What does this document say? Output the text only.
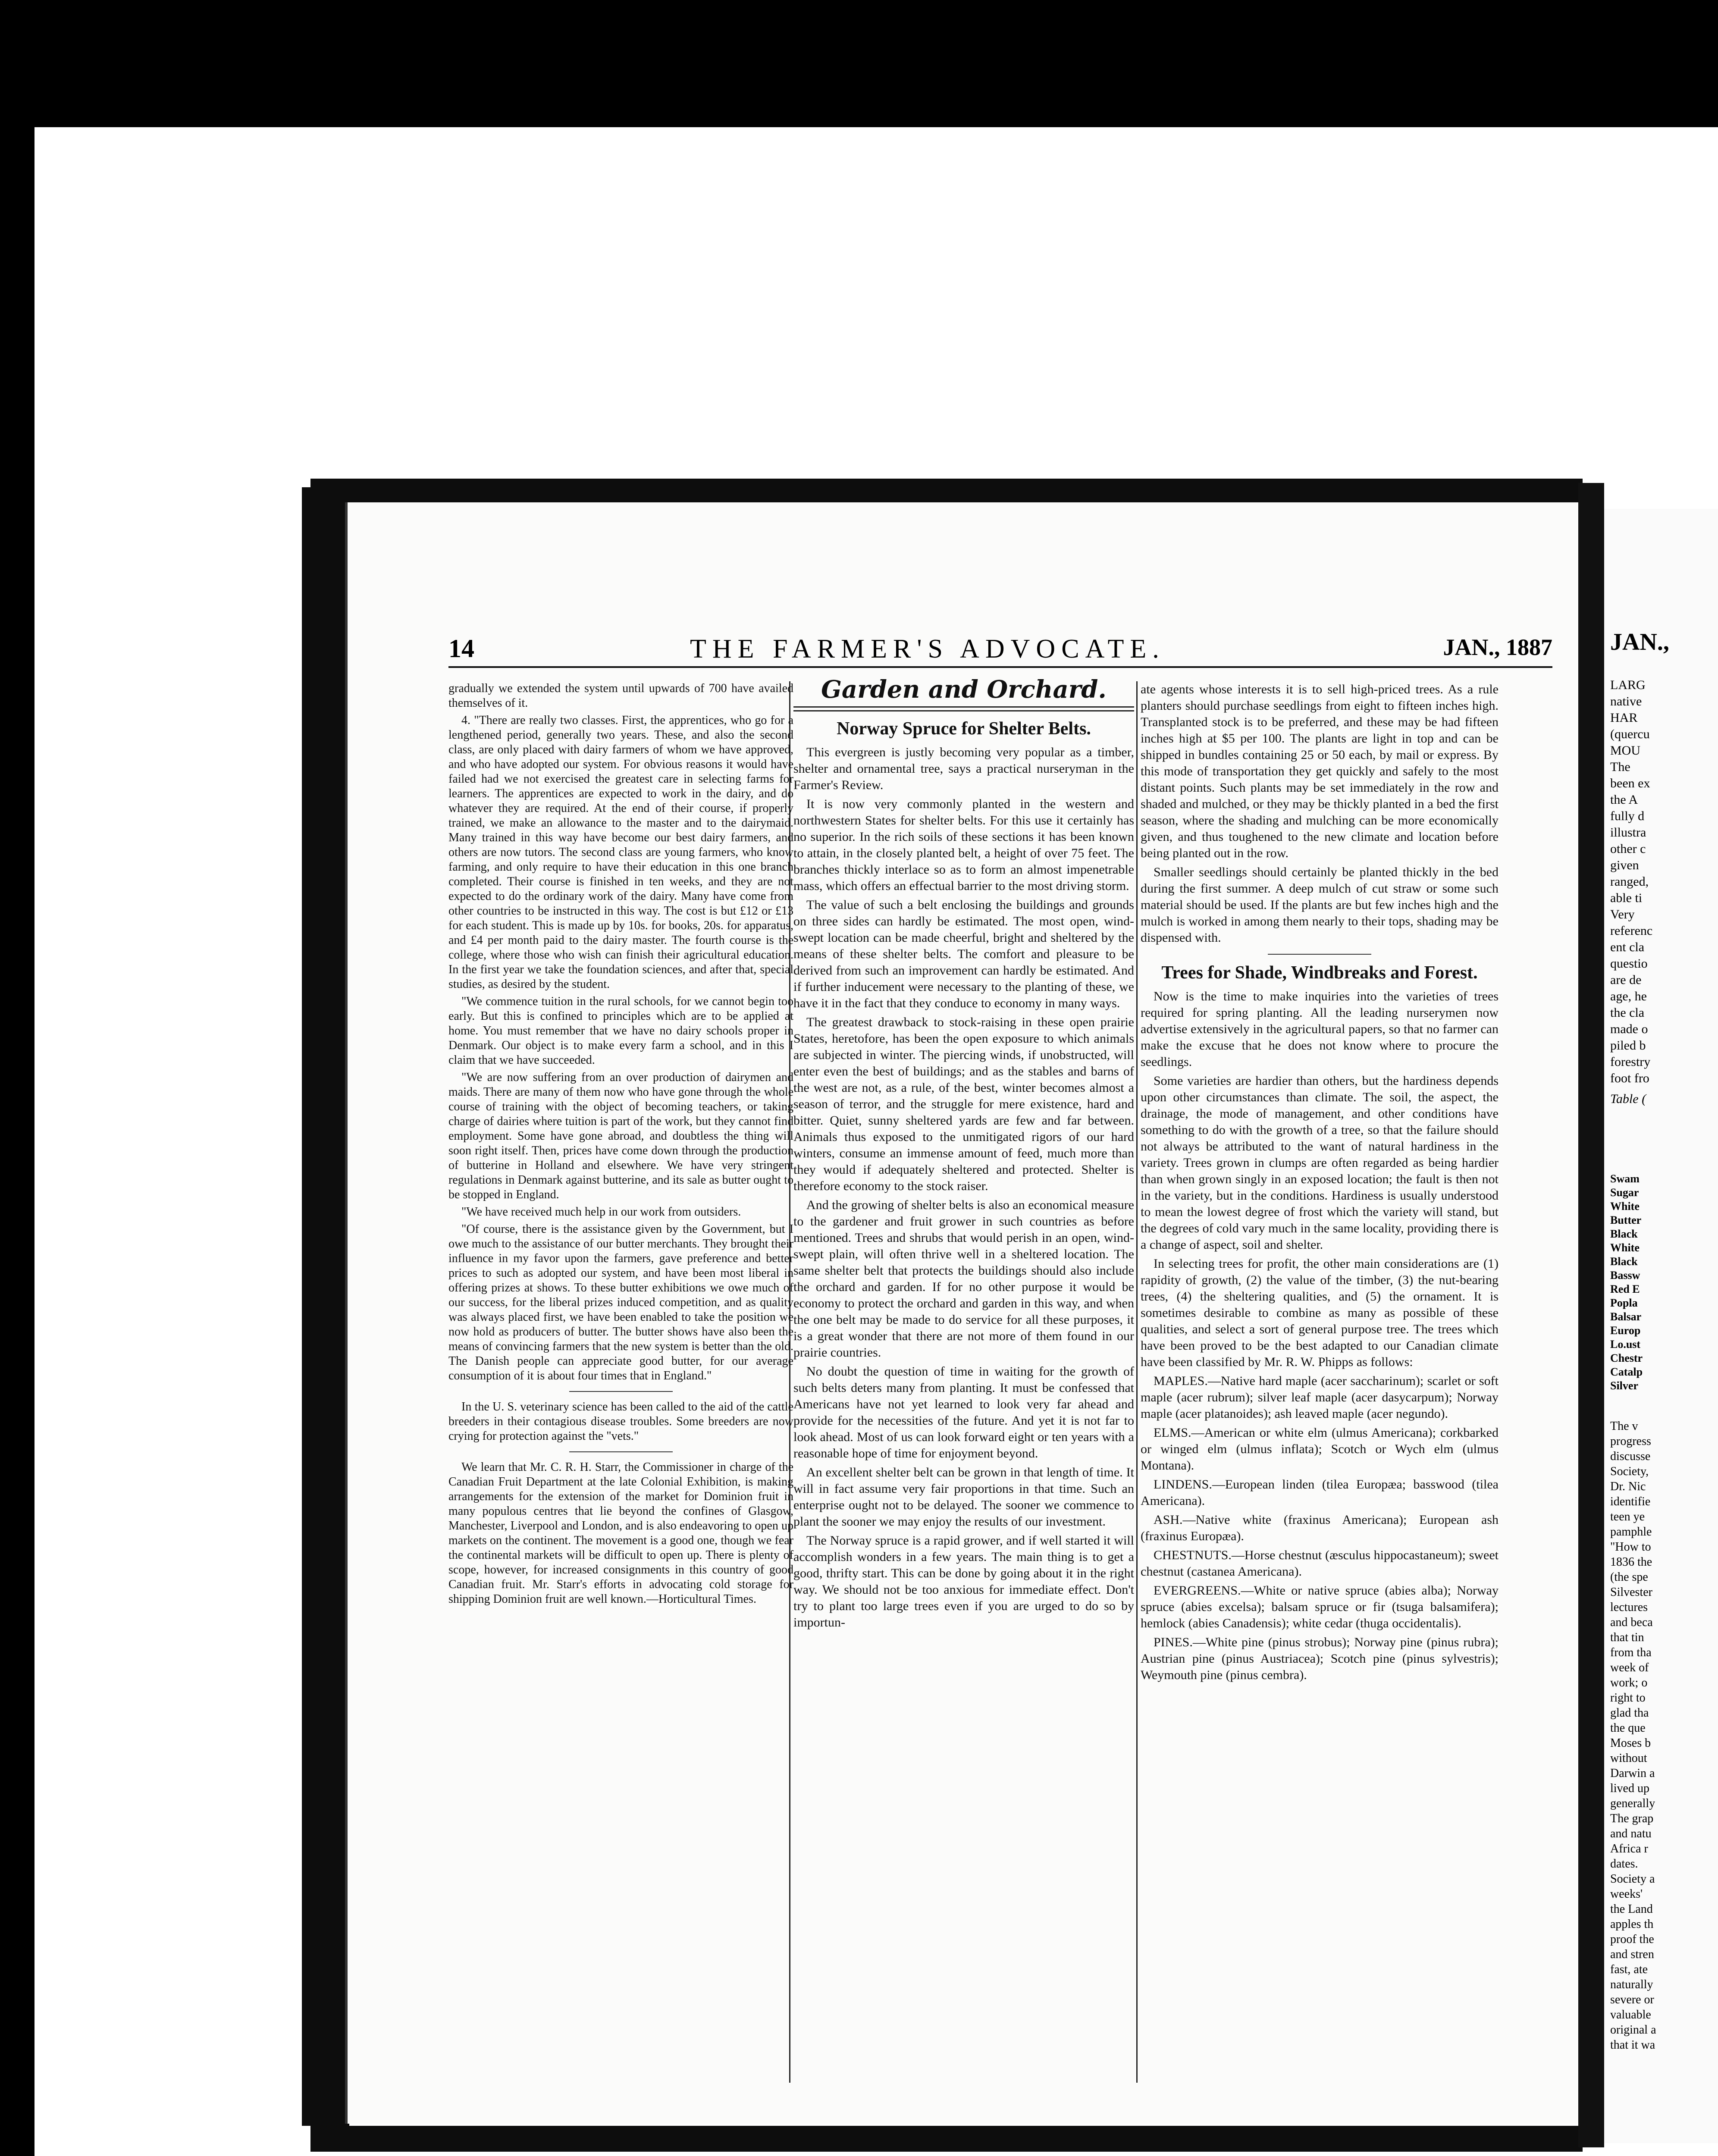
14	THE FARMER'S ADVOCATE.	JAN., 1887

gradually we extended the system until upwards of 700 have availed themselves of it.

4. "There are really two classes. First, the apprentices, who go for a lengthened period, generally two years. These, and also the second class, are only placed with dairy farmers of whom we have approved, and who have adopted our system. For obvious reasons it would have failed had we not exercised the greatest care in selecting farms for learners. The apprentices are expected to work in the dairy, and do whatever they are required. At the end of their course, if properly trained, we make an allowance to the master and to the dairymaid. Many trained in this way have become our best dairy farmers, and others are now tutors. The second class are young farmers, who know farming, and only require to have their education in this one branch completed. Their course is finished in ten weeks, and they are not expected to do the ordinary work of the dairy. Many have come from other countries to be instructed in this way. The cost is but £12 or £13 for each student. This is made up by 10s. for books, 20s. for apparatus, and £4 per month paid to the dairy master. The fourth course is the college, where those who wish can finish their agricultural education. In the first year we take the foundation sciences, and after that, special studies, as desired by the student.

"We commence tuition in the rural schools, for we cannot begin too early. But this is confined to principles which are to be applied at home. You must remember that we have no dairy schools proper in Denmark. Our object is to make every farm a school, and in this I claim that we have succeeded.

"We are now suffering from an over production of dairymen and maids. There are many of them now who have gone through the whole course of training with the object of becoming teachers, or taking charge of dairies where tuition is part of the work, but they cannot find employment. Some have gone abroad, and doubtless the thing will soon right itself. Then, prices have come down through the production of butterine in Holland and elsewhere. We have very stringent regulations in Denmark against butterine, and its sale as butter ought to be stopped in England.

"We have received much help in our work from outsiders.

"Of course, there is the assistance given by the Government, but I owe much to the assistance of our butter merchants. They brought their influence in my favor upon the farmers, gave preference and better prices to such as adopted our system, and have been most liberal in offering prizes at shows. To these butter exhibitions we owe much of our success, for the liberal prizes induced competition, and as quality was always placed first, we have been enabled to take the position we now hold as producers of butter. The butter shows have also been the means of convincing farmers that the new system is better than the old. The Danish people can appreciate good butter, for our average consumption of it is about four times that in England."

In the U. S. veterinary science has been called to the aid of the cattle breeders in their contagious disease troubles. Some breeders are now crying for protection against the "vets."

We learn that Mr. C. R. H. Starr, the Commissioner in charge of the Canadian Fruit Department at the late Colonial Exhibition, is making arrangements for the extension of the market for Dominion fruit in many populous centres that lie beyond the confines of Glasgow, Manchester, Liverpool and London, and is also endeavoring to open up markets on the continent. The movement is a good one, though we fear the continental markets will be difficult to open up. There is plenty of scope, however, for increased consignments in this country of good Canadian fruit. Mr. Starr's efforts in advocating cold storage for shipping Dominion fruit are well known.—Horticultural Times.

Garden and Orchard.
Norway Spruce for Shelter Belts.

This evergreen is justly becoming very popular as a timber, shelter and ornamental tree, says a practical nurseryman in the Farmer's Review.

It is now very commonly planted in the western and northwestern States for shelter belts. For this use it certainly has no superior. In the rich soils of these sections it has been known to attain, in the closely planted belt, a height of over 75 feet. The branches thickly interlace so as to form an almost impenetrable mass, which offers an effectual barrier to the most driving storm.

The value of such a belt enclosing the buildings and grounds on three sides can hardly be estimated. The most open, wind-swept location can be made cheerful, bright and sheltered by the means of these shelter belts. The comfort and pleasure to be derived from such an improvement can hardly be estimated. And if further inducement were necessary to the planting of these, we have it in the fact that they conduce to economy in many ways.

The greatest drawback to stock-raising in these open prairie States, heretofore, has been the open exposure to which animals are subjected in winter. The piercing winds, if unobstructed, will enter even the best of buildings; and as the stables and barns of the west are not, as a rule, of the best, winter becomes almost a season of terror, and the struggle for mere existence, hard and bitter. Quiet, sunny sheltered yards are few and far between. Animals thus exposed to the unmitigated rigors of our hard winters, consume an immense amount of feed, much more than they would if adequately sheltered and protected. Shelter is therefore economy to the stock raiser.

And the growing of shelter belts is also an economical measure to the gardener and fruit grower in such countries as before mentioned. Trees and shrubs that would perish in an open, wind-swept plain, will often thrive well in a sheltered location. The same shelter belt that protects the buildings should also include the orchard and garden. If for no other purpose it would be economy to protect the orchard and garden in this way, and when the one belt may be made to do service for all these purposes, it is a great wonder that there are not more of them found in our prairie countries.

No doubt the question of time in waiting for the growth of such belts deters many from planting. It must be confessed that Americans have not yet learned to look very far ahead and provide for the necessities of the future. And yet it is not far to look ahead. Most of us can look forward eight or ten years with a reasonable hope of time for enjoyment beyond.

An excellent shelter belt can be grown in that length of time. It will in fact assume very fair proportions in that time. Such an enterprise ought not to be delayed. The sooner we commence to plant the sooner we may enjoy the results of our investment.

The Norway spruce is a rapid grower, and if well started it will accomplish wonders in a few years. The main thing is to get a good, thrifty start. This can be done by going about it in the right way. We should not be too anxious for immediate effect. Don't try to plant too large trees even if you are urged to do so by importun-

ate agents whose interests it is to sell high-priced trees. As a rule planters should purchase seedlings from eight to fifteen inches high. Transplanted stock is to be preferred, and these may be had fifteen inches high at $5 per 100. The plants are light in top and can be shipped in bundles containing 25 or 50 each, by mail or express. By this mode of transportation they get quickly and safely to the most distant points. Such plants may be set immediately in the row and shaded and mulched, or they may be thickly planted in a bed the first season, where the shading and mulching can be more economically given, and thus toughened to the new climate and location before being planted out in the row.

Smaller seedlings should certainly be planted thickly in the bed during the first summer. A deep mulch of cut straw or some such material should be used. If the plants are but few inches high and the mulch is worked in among them nearly to their tops, shading may be dispensed with.

Trees for Shade, Windbreaks and Forest.

Now is the time to make inquiries into the varieties of trees required for spring planting. All the leading nurserymen now advertise extensively in the agricultural papers, so that no farmer can make the excuse that he does not know where to procure the seedlings.

Some varieties are hardier than others, but the hardiness depends upon other circumstances than climate. The soil, the aspect, the drainage, the mode of management, and other conditions have something to do with the growth of a tree, so that the failure should not always be attributed to the want of natural hardiness in the variety. Trees grown in clumps are often regarded as being hardier than when grown singly in an exposed location; the fault is then not in the variety, but in the conditions. Hardiness is usually understood to mean the lowest degree of frost which the variety will stand, but the degrees of cold vary much in the same locality, providing there is a change of aspect, soil and shelter.

In selecting trees for profit, the other main considerations are (1) rapidity of growth, (2) the value of the timber, (3) the nut-bearing trees, (4) the sheltering qualities, and (5) the ornament. It is sometimes desirable to combine as many as possible of these qualities, and select a sort of general purpose tree. The trees which have been proved to be the best adapted to our Canadian climate have been classified by Mr. R. W. Phipps as follows:

MAPLES.—Native hard maple (acer saccharinum); scarlet or soft maple (acer rubrum); silver leaf maple (acer dasycarpum); Norway maple (acer platanoides); ash leaved maple (acer negundo).

ELMS.—American or white elm (ulmus Americana); corkbarked or winged elm (ulmus inflata); Scotch or Wych elm (ulmus Montana).

LINDENS.—European linden (tilea Europæa; basswood (tilea Americana).

ASH.—Native white (fraxinus Americana); European ash (fraxinus Europæa).

CHESTNUTS.—Horse chestnut (æsculus hippocastaneum); sweet chestnut (castanea Americana).

EVERGREENS.—White or native spruce (abies alba); Norway spruce (abies excelsa); balsam spruce or fir (tsuga balsamifera); hemlock (abies Canadensis); white cedar (thuga occidentalis).

PINES.—White pine (pinus strobus); Norway pine (pinus rubra); Austrian pine (pinus Austriacea); Scotch pine (pinus sylvestris); Weymouth pine (pinus cembra).

JAN.,
LARG
native
HAR
(quercu
MOU
The
been ex
the A
fully d
illustra
other c
given
ranged,
able ti
Very
referenc
ent cla
questio
are de
age, he
the cla
made o
piled b
forestry
foot fro
Table (
Swam
Sugar
White
Butter
Black
White
Black
Bassw
Red E
Popla
Balsar
Europ
Lo.ust
Chestr
Catalp
Silver
The v
progress
discusse
Society,
Dr. Nic
identifie
teen ye
pamphle
"How to
1836 the
(the spe
Silvester
lectures
and beca
that tin
from tha
week of
work; o
right to
glad tha
the que
Moses b
without
Darwin a
lived up
generally
The grap
and natu
Africa r
dates.
Society a
weeks'
the Land
apples th
proof the
and stren
fast, ate
naturally
severe or
valuable
original a
that it wa
